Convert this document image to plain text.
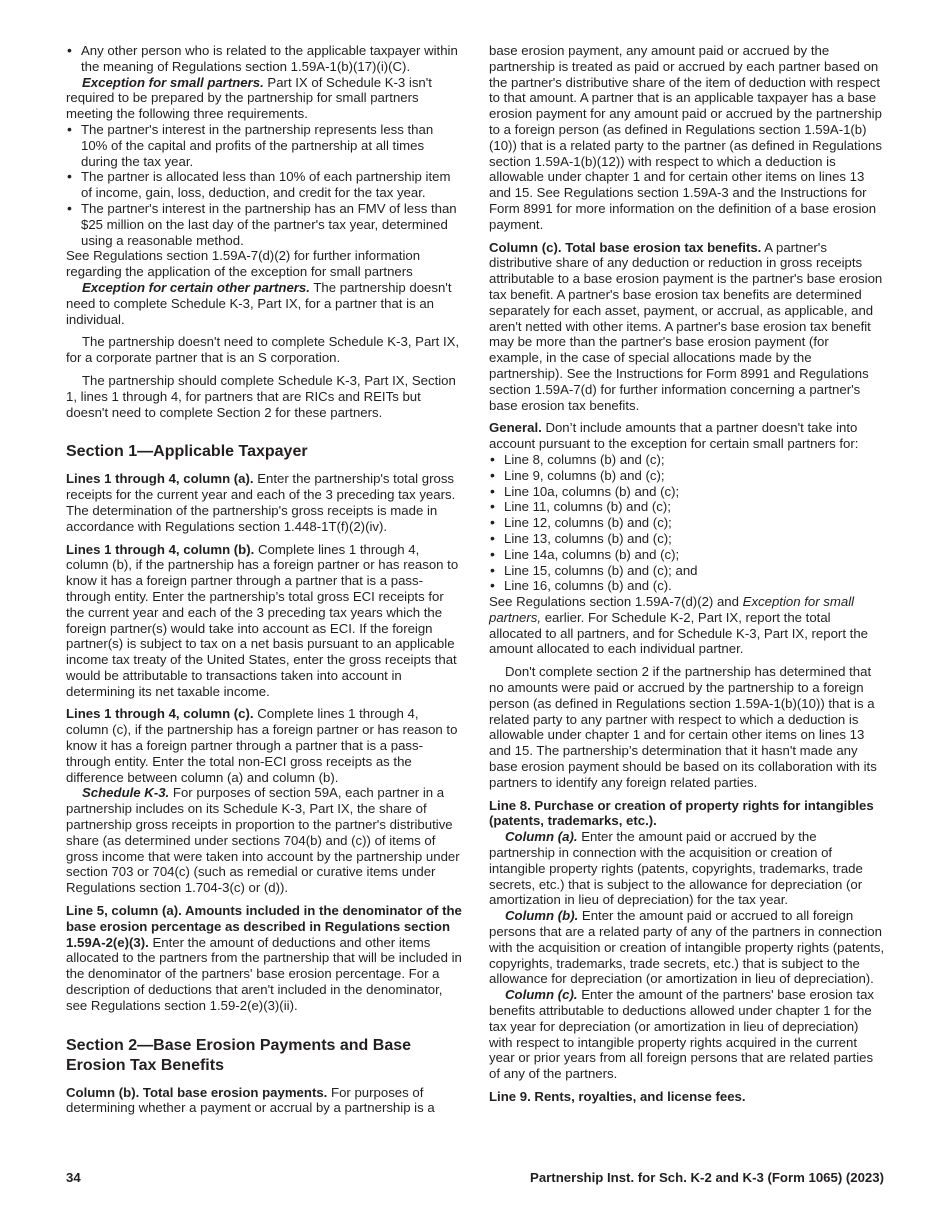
• Any other person who is related to the applicable taxpayer within the meaning of Regulations section 1.59A-1(b)(17)(i)(C).

Exception for small partners. Part IX of Schedule K-3 isn't required to be prepared by the partnership for small partners meeting the following three requirements.

• The partner's interest in the partnership represents less than 10% of the capital and profits of the partnership at all times during the tax year.

• The partner is allocated less than 10% of each partnership item of income, gain, loss, deduction, and credit for the tax year.

• The partner's interest in the partnership has an FMV of less than $25 million on the last day of the partner's tax year, determined using a reasonable method.

See Regulations section 1.59A-7(d)(2) for further information regarding the application of the exception for small partners

Exception for certain other partners. The partnership doesn't need to complete Schedule K-3, Part IX, for a partner that is an individual.

The partnership doesn't need to complete Schedule K-3, Part IX, for a corporate partner that is an S corporation.

The partnership should complete Schedule K-3, Part IX, Section 1, lines 1 through 4, for partners that are RICs and REITs but doesn't need to complete Section 2 for these partners.

Section 1—Applicable Taxpayer

Lines 1 through 4, column (a). Enter the partnership's total gross receipts for the current year and each of the 3 preceding tax years. The determination of the partnership's gross receipts is made in accordance with Regulations section 1.448-1T(f)(2)(iv).

Lines 1 through 4, column (b). Complete lines 1 through 4, column (b), if the partnership has a foreign partner or has reason to know it has a foreign partner through a partner that is a pass-through entity. Enter the partnership’s total gross ECI receipts for the current year and each of the 3 preceding tax years which the foreign partner(s) would take into account as ECI. If the foreign partner(s) is subject to tax on a net basis pursuant to an applicable income tax treaty of the United States, enter the gross receipts that would be attributable to transactions taken into account in determining its net taxable income.

Lines 1 through 4, column (c). Complete lines 1 through 4, column (c), if the partnership has a foreign partner or has reason to know it has a foreign partner through a partner that is a pass-through entity. Enter the total non-ECI gross receipts as the difference between column (a) and column (b).

Schedule K-3. For purposes of section 59A, each partner in a partnership includes on its Schedule K-3, Part IX, the share of partnership gross receipts in proportion to the partner's distributive share (as determined under sections 704(b) and (c)) of items of gross income that were taken into account by the partnership under section 703 or 704(c) (such as remedial or curative items under Regulations section 1.704-3(c) or (d)).

Line 5, column (a). Amounts included in the denominator of the base erosion percentage as described in Regulations section 1.59A-2(e)(3). Enter the amount of deductions and other items allocated to the partners from the partnership that will be included in the denominator of the partners' base erosion percentage. For a description of deductions that aren't included in the denominator, see Regulations section 1.59-2(e)(3)(ii).

Section 2—Base Erosion Payments and Base Erosion Tax Benefits

Column (b). Total base erosion payments. For purposes of determining whether a payment or accrual by a partnership is a

base erosion payment, any amount paid or accrued by the partnership is treated as paid or accrued by each partner based on the partner's distributive share of the item of deduction with respect to that amount. A partner that is an applicable taxpayer has a base erosion payment for any amount paid or accrued by the partnership to a foreign person (as defined in Regulations section 1.59A-1(b)(10)) that is a related party to the partner (as defined in Regulations section 1.59A-1(b)(12)) with respect to which a deduction is allowable under chapter 1 and for certain other items on lines 13 and 15. See Regulations section 1.59A-3 and the Instructions for Form 8991 for more information on the definition of a base erosion payment.

Column (c). Total base erosion tax benefits. A partner's distributive share of any deduction or reduction in gross receipts attributable to a base erosion payment is the partner's base erosion tax benefit. A partner's base erosion tax benefits are determined separately for each asset, payment, or accrual, as applicable, and aren't netted with other items. A partner's base erosion tax benefit may be more than the partner's base erosion payment (for example, in the case of special allocations made by the partnership). See the Instructions for Form 8991 and Regulations section 1.59A-7(d) for further information concerning a partner's base erosion tax benefits.

General. Don’t include amounts that a partner doesn't take into account pursuant to the exception for certain small partners for:

• Line 8, columns (b) and (c);

• Line 9, columns (b) and (c);

• Line 10a, columns (b) and (c);

• Line 11, columns (b) and (c);

• Line 12, columns (b) and (c);

• Line 13, columns (b) and (c);

• Line 14a, columns (b) and (c);

• Line 15, columns (b) and (c); and

• Line 16, columns (b) and (c).

See Regulations section 1.59A-7(d)(2) and Exception for small partners, earlier. For Schedule K-2, Part IX, report the total allocated to all partners, and for Schedule K-3, Part IX, report the amount allocated to each individual partner.

Don't complete section 2 if the partnership has determined that no amounts were paid or accrued by the partnership to a foreign person (as defined in Regulations section 1.59A-1(b)(10)) that is a related party to any partner with respect to which a deduction is allowable under chapter 1 and for certain other items on lines 13 and 15. The partnership’s determination that it hasn't made any base erosion payment should be based on its collaboration with its partners to identify any foreign related parties.

Line 8. Purchase or creation of property rights for intangibles (patents, trademarks, etc.).

Column (a). Enter the amount paid or accrued by the partnership in connection with the acquisition or creation of intangible property rights (patents, copyrights, trademarks, trade secrets, etc.) that is subject to the allowance for depreciation (or amortization in lieu of depreciation) for the tax year.

Column (b). Enter the amount paid or accrued to all foreign persons that are a related party of any of the partners in connection with the acquisition or creation of intangible property rights (patents, copyrights, trademarks, trade secrets, etc.) that is subject to the allowance for depreciation (or amortization in lieu of depreciation).

Column (c). Enter the amount of the partners' base erosion tax benefits attributable to deductions allowed under chapter 1 for the tax year for depreciation (or amortization in lieu of depreciation) with respect to intangible property rights acquired in the current year or prior years from all foreign persons that are related parties of any of the partners.

Line 9. Rents, royalties, and license fees.

34	Partnership Inst. for Sch. K-2 and K-3 (Form 1065) (2023)
